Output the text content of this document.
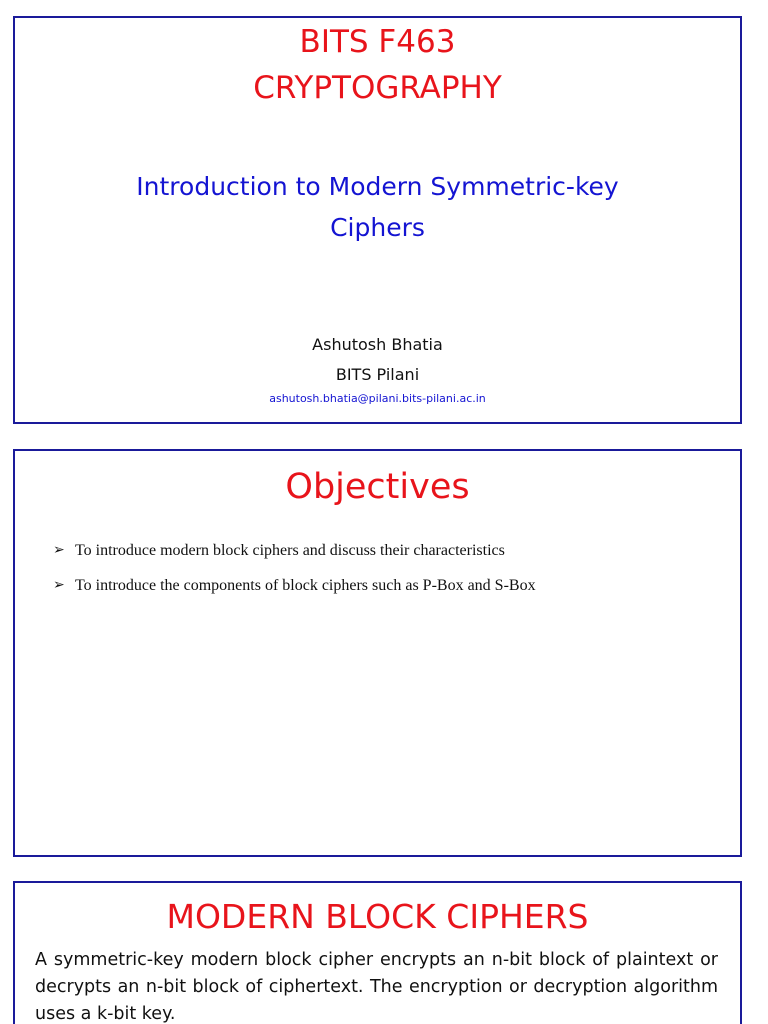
BITS F463
CRYPTOGRAPHY
Introduction to Modern Symmetric-key
Ciphers
Ashutosh Bhatia
BITS Pilani
ashutosh.bhatia@pilani.bits-pilani.ac.in
Objectives
➢ To introduce modern block ciphers and discuss their characteristics
➢ To introduce the components of block ciphers such as P-Box and S-Box
MODERN BLOCK CIPHERS

A symmetric-key modern block cipher encrypts an n-bit block of plaintext or decrypts an n-bit block of ciphertext. The encryption or decryption algorithm uses a k-bit key.
